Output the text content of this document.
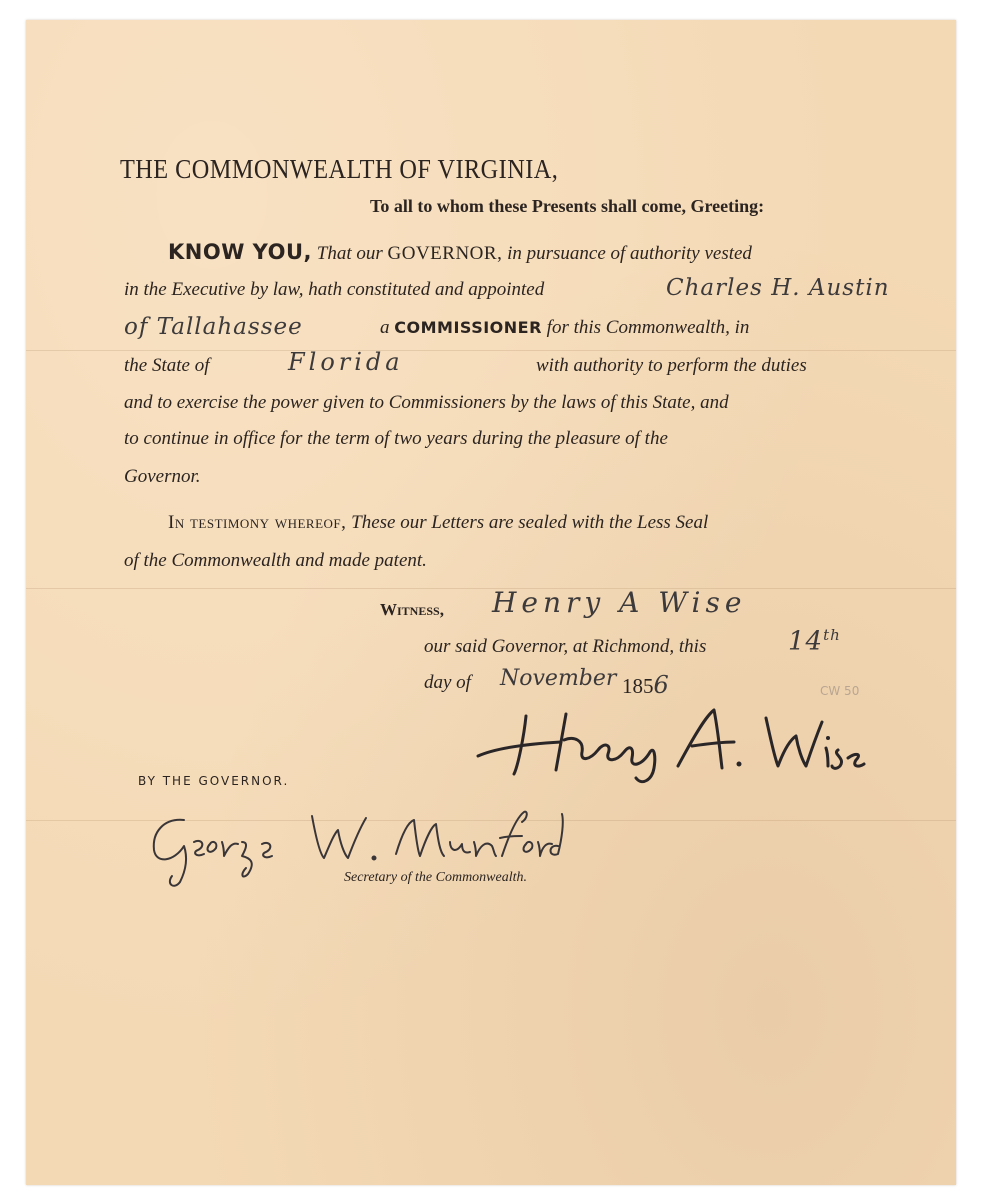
THE COMMONWEALTH OF VIRGINIA,
To all to whom these Presents shall come, Greeting:
KNOW YOU, That our GOVERNOR, in pursuance of authority vested
in the Executive by law, hath constituted and appointed	Charles H. Austin
of Tallahassee	a COMMISSIONER for this Commonwealth, in
the State of	Florida	with authority to perform the duties
and to exercise the power given to Commissioners by the laws of this State, and
to continue in office for the term of two years during the pleasure of the
Governor.
In testimony whereof, These our Letters are sealed with the Less Seal
of the Commonwealth and made patent.
Witness, Henry A Wise
our said Governor, at Richmond, this	14th
day of November 1856	CW 50
BY THE GOVERNOR.
Secretary of the Commonwealth.
